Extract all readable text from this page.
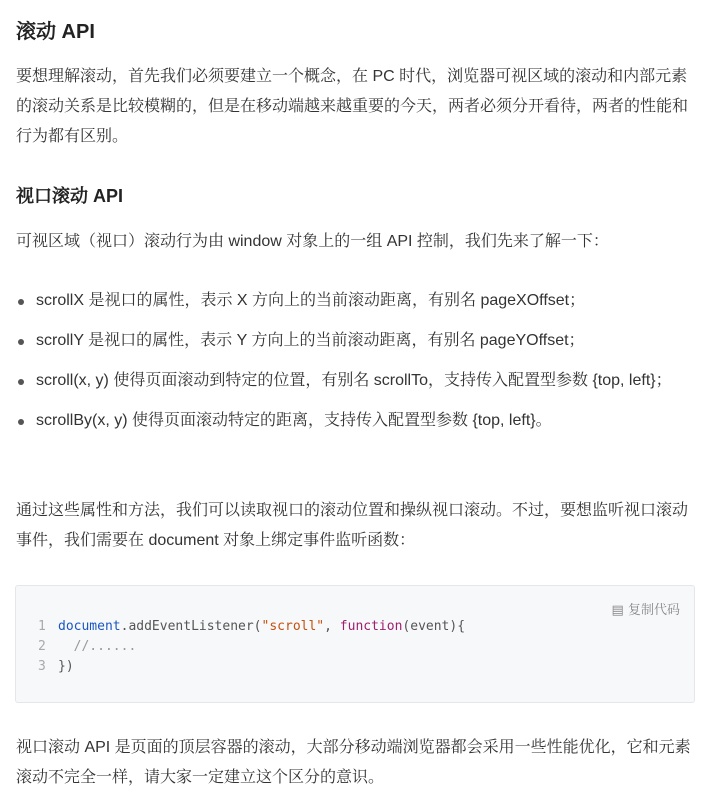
滚动 API

要想理解滚动，首先我们必须要建立一个概念，在 PC 时代，浏览器可视区域的滚动和内部元素的滚动关系是比较模糊的，但是在移动端越来越重要的今天，两者必须分开看待，两者的性能和行为都有区别。

视口滚动 API

可视区域（视口）滚动行为由 window 对象上的一组 API 控制，我们先来了解一下：

scrollX 是视口的属性，表示 X 方向上的当前滚动距离，有别名 pageXOffset；
scrollY 是视口的属性，表示 Y 方向上的当前滚动距离，有别名 pageYOffset；
scroll(x, y) 使得页面滚动到特定的位置，有别名 scrollTo，支持传入配置型参数 {top, left}；
scrollBy(x, y) 使得页面滚动特定的距离，支持传入配置型参数 {top, left}。

通过这些属性和方法，我们可以读取视口的滚动位置和操纵视口滚动。不过，要想监听视口滚动事件，我们需要在 document 对象上绑定事件监听函数：

▤ 复制代码
1 document.addEventListener("scroll", function(event){
2  //......
3 })

视口滚动 API 是页面的顶层容器的滚动，大部分移动端浏览器都会采用一些性能优化，它和元素滚动不完全一样，请大家一定建立这个区分的意识。
